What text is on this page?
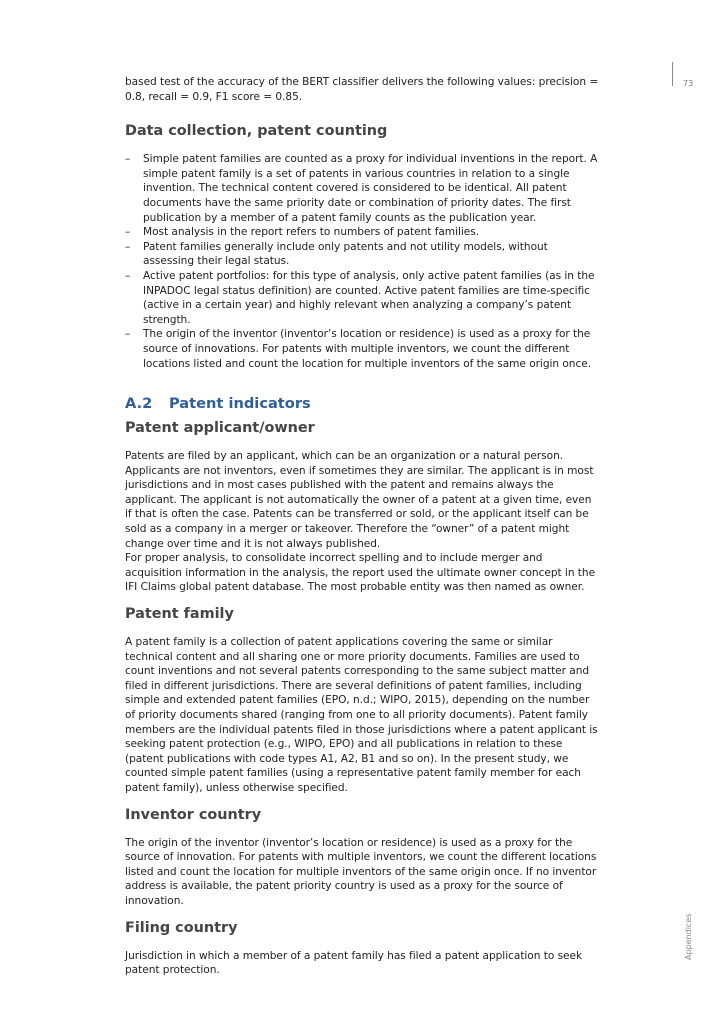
73
Appendices

based test of the accuracy of the BERT classifier delivers the following values: precision = 0.8, recall = 0.9, F1 score = 0.85.

Data collection, patent counting
– Simple patent families are counted as a proxy for individual inventions in the report. A simple patent family is a set of patents in various countries in relation to a single invention. The technical content covered is considered to be identical. All patent documents have the same priority date or combination of priority dates. The first publication by a member of a patent family counts as the publication year.
– Most analysis in the report refers to numbers of patent families.
– Patent families generally include only patents and not utility models, without assessing their legal status.
– Active patent portfolios: for this type of analysis, only active patent families (as in the INPADOC legal status definition) are counted. Active patent families are time-specific (active in a certain year) and highly relevant when analyzing a company’s patent strength.
– The origin of the inventor (inventor’s location or residence) is used as a proxy for the source of innovations. For patents with multiple inventors, we count the different locations listed and count the location for multiple inventors of the same origin once.
A.2 Patent indicators
Patent applicant/owner

Patents are filed by an applicant, which can be an organization or a natural person. Applicants are not inventors, even if sometimes they are similar. The applicant is in most jurisdictions and in most cases published with the patent and remains always the applicant. The applicant is not automatically the owner of a patent at a given time, even if that is often the case. Patents can be transferred or sold, or the applicant itself can be sold as a company in a merger or takeover. Therefore the “owner” of a patent might change over time and it is not always published.

For proper analysis, to consolidate incorrect spelling and to include merger and acquisition information in the analysis, the report used the ultimate owner concept in the IFI Claims global patent database. The most probable entity was then named as owner.

Patent family

A patent family is a collection of patent applications covering the same or similar technical content and all sharing one or more priority documents. Families are used to count inventions and not several patents corresponding to the same subject matter and filed in different jurisdictions. There are several definitions of patent families, including simple and extended patent families (EPO, n.d.; WIPO, 2015), depending on the number of priority documents shared (ranging from one to all priority documents). Patent family members are the individual patents filed in those jurisdictions where a patent applicant is seeking patent protection (e.g., WIPO, EPO) and all publications in relation to these (patent publications with code types A1, A2, B1 and so on). In the present study, we counted simple patent families (using a representative patent family member for each patent family), unless otherwise specified.

Inventor country

The origin of the inventor (inventor’s location or residence) is used as a proxy for the source of innovation. For patents with multiple inventors, we count the different locations listed and count the location for multiple inventors of the same origin once. If no inventor address is available, the patent priority country is used as a proxy for the source of innovation.

Filing country

Jurisdiction in which a member of a patent family has filed a patent application to seek patent protection.
